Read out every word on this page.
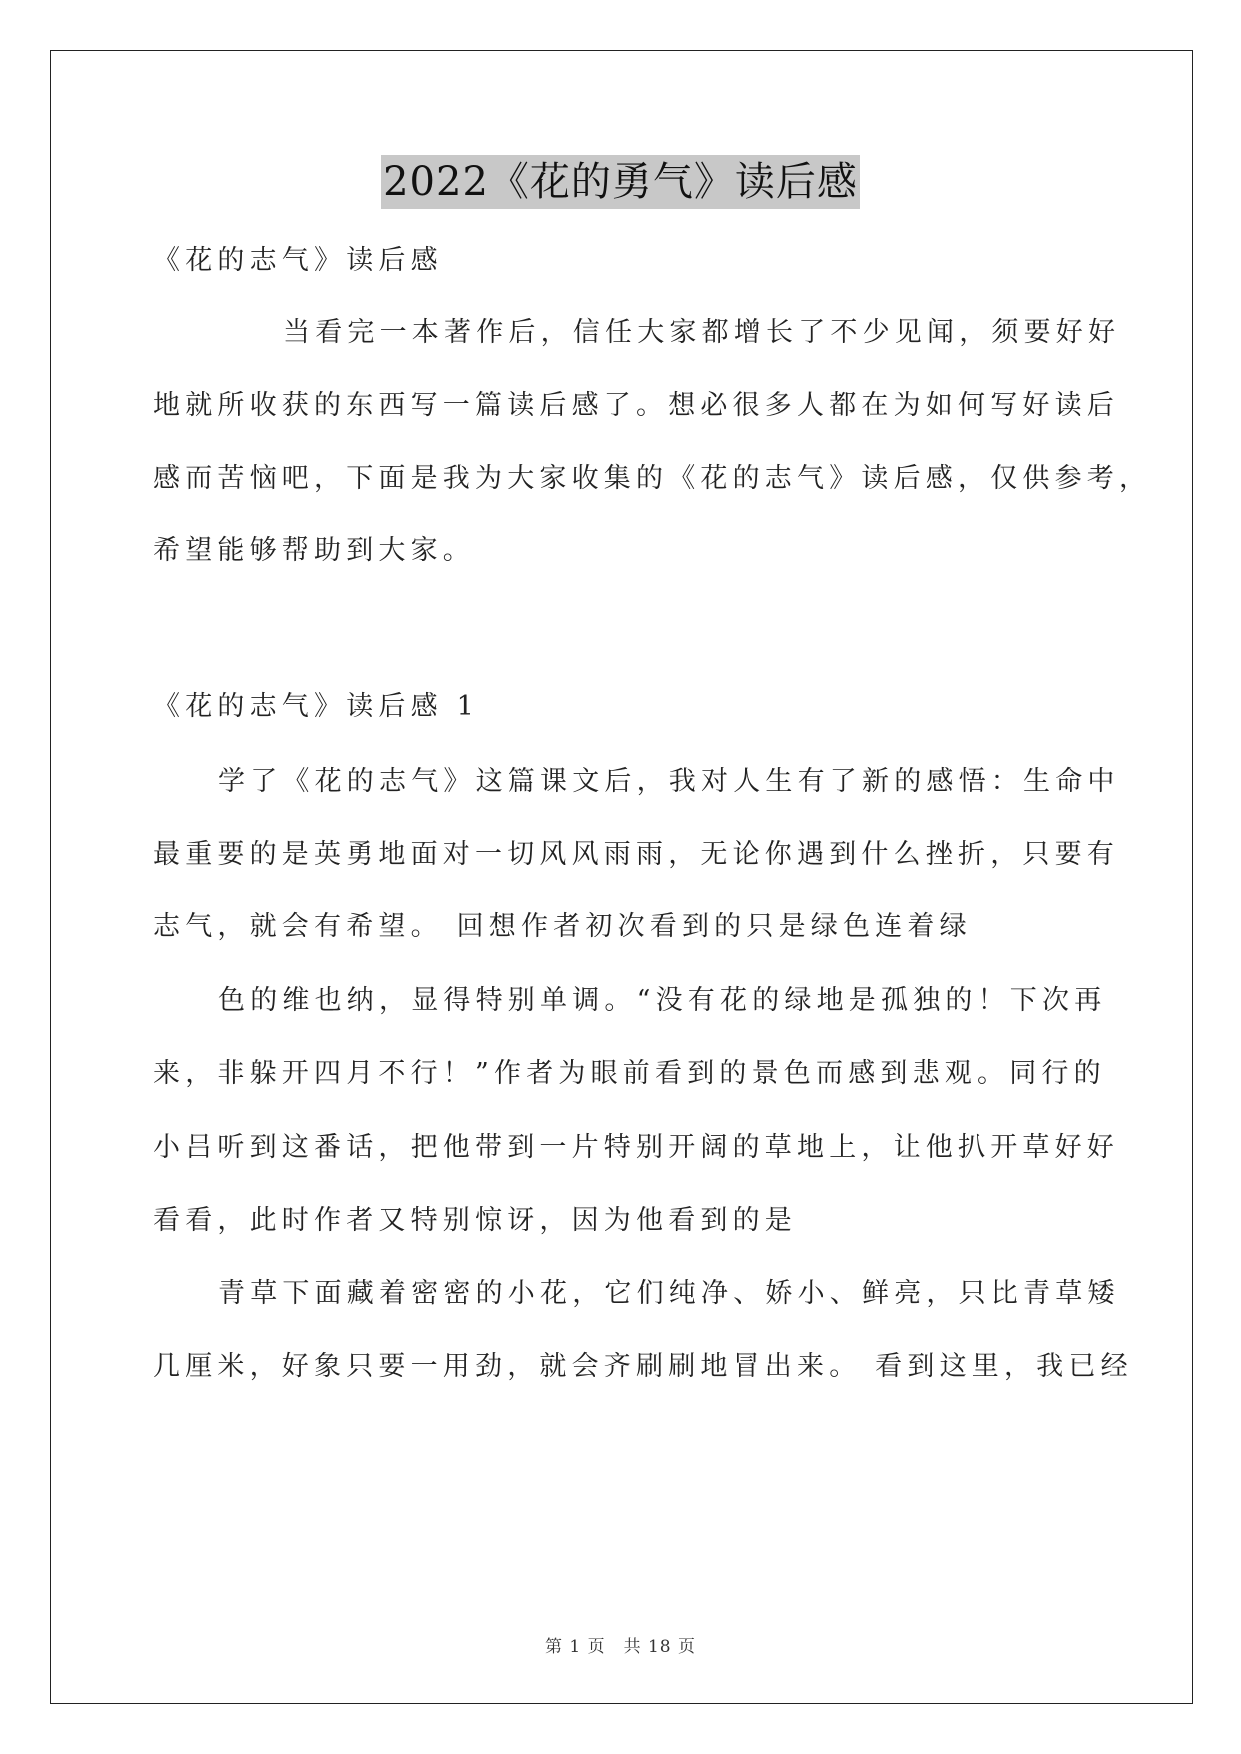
2022《花的勇气》读后感
《花的志气》读后感
当看完一本著作后，信任大家都增长了不少见闻，须要好好
地就所收获的东西写一篇读后感了。想必很多人都在为如何写好读后
感而苦恼吧，下面是我为大家收集的《花的志气》读后感，仅供参考，
希望能够帮助到大家。
《花的志气》读后感 1
学了《花的志气》这篇课文后，我对人生有了新的感悟：生命中
最重要的是英勇地面对一切风风雨雨，无论你遇到什么挫折，只要有
志气，就会有希望。 回想作者初次看到的只是绿色连着绿
色的维也纳，显得特别单调。“没有花的绿地是孤独的！下次再
来，非躲开四月不行！”作者为眼前看到的景色而感到悲观。同行的
小吕听到这番话，把他带到一片特别开阔的草地上，让他扒开草好好
看看，此时作者又特别惊讶，因为他看到的是
青草下面藏着密密的小花，它们纯净、娇小、鲜亮，只比青草矮
几厘米，好象只要一用劲，就会齐刷刷地冒出来。 看到这里，我已经
第 1 页　共 18 页
